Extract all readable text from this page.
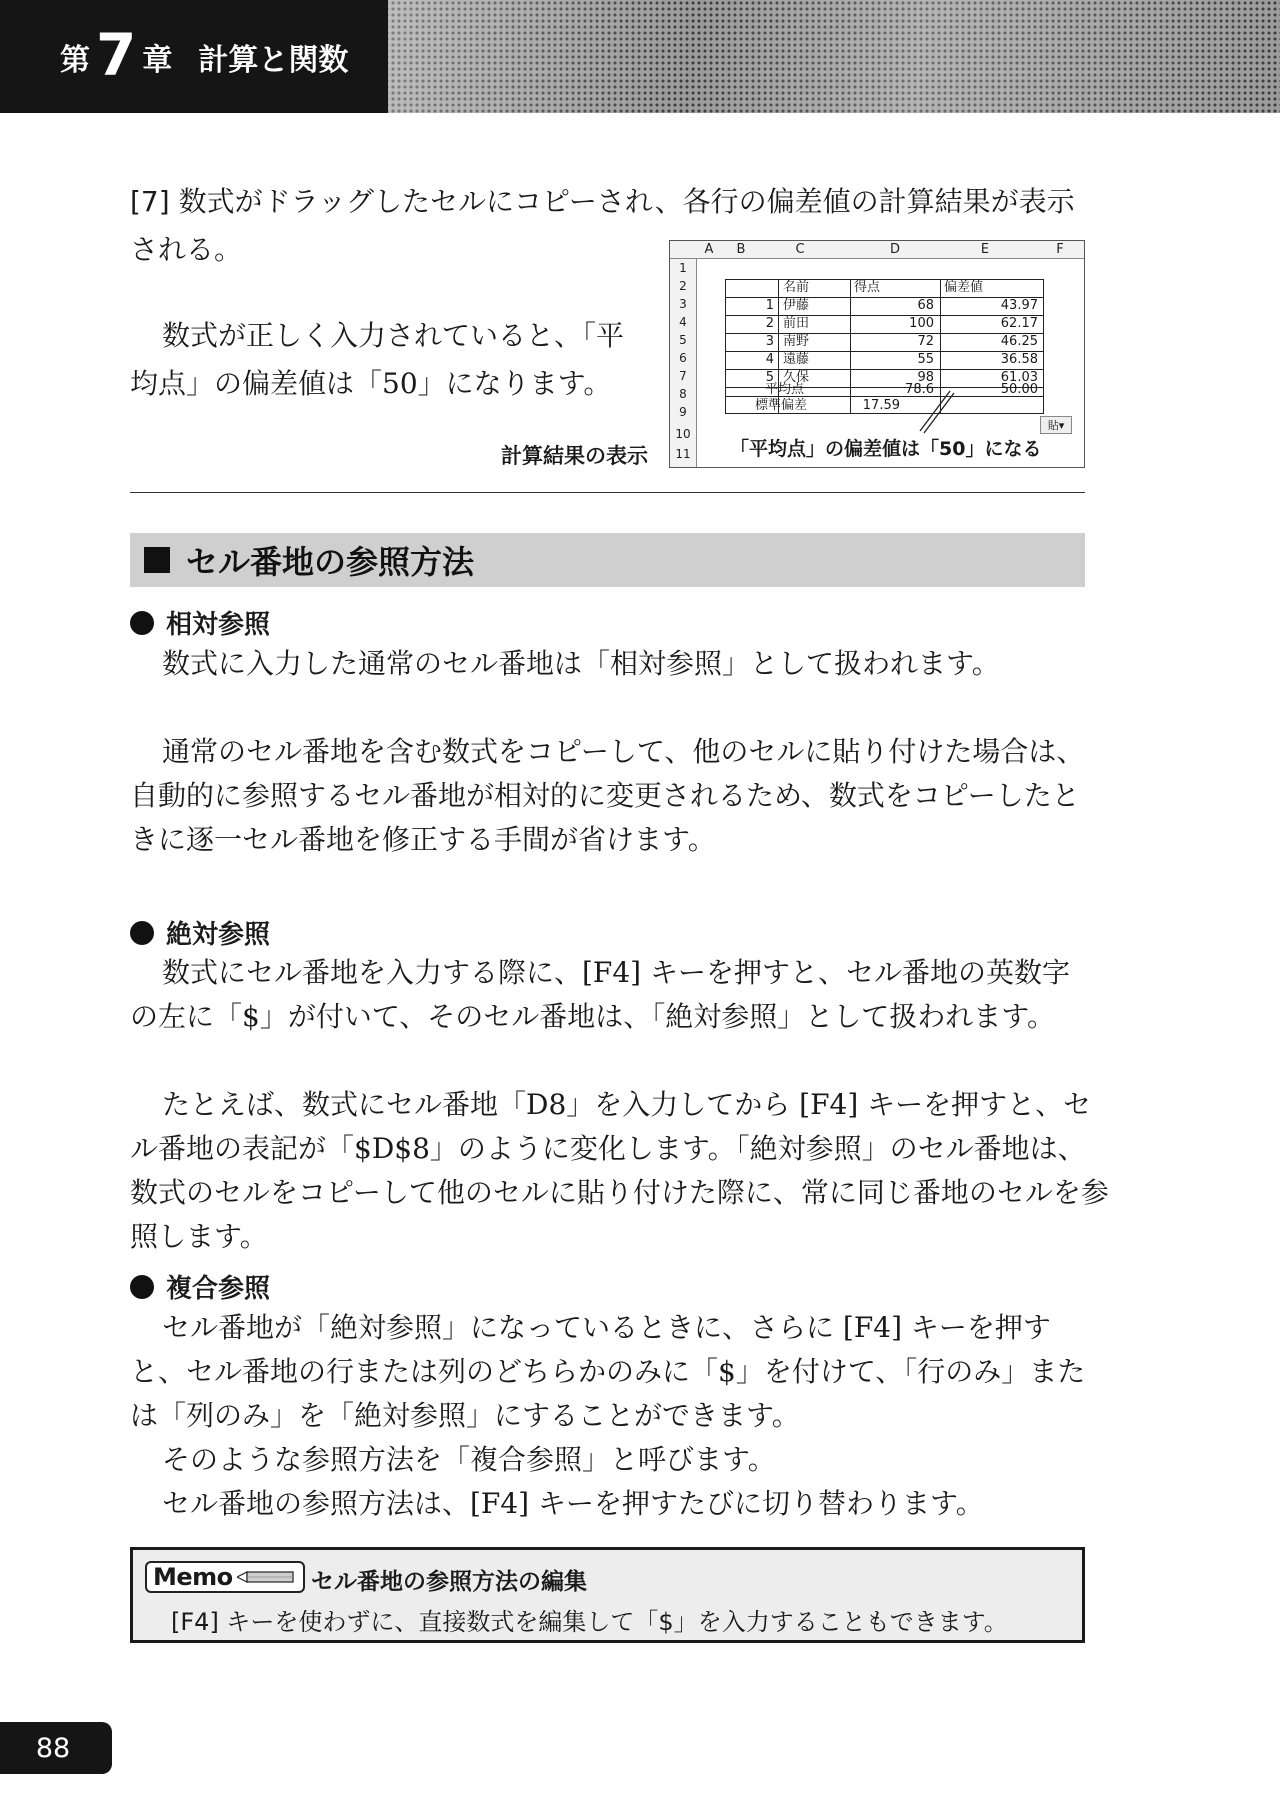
第 7 章 計算と関数
[7] 数式がドラッグしたセルにコピーされ、各行の偏差値の計算結果が表示される。
数式が正しく入力されていると、「平均点」の偏差値は「50」になります。
計算結果の表示
A	B	C	D	E	F
1
2
3
4
5
6
7
8
9
10
11
名前	得点	偏差値
1 伊藤	68	43.97
2 前田	100	62.17
3 南野	72	46.25
4 遠藤	55	36.58
5 久保	98	61.03
平均点	78.6	50.00
標準偏差	17.59
貼▾
「平均点」の偏差値は「50」になる
セル番地の参照方法
相対参照

数式に入力した通常のセル番地は「相対参照」として扱われます。

通常のセル番地を含む数式をコピーして、他のセルに貼り付けた場合は、自動的に参照するセル番地が相対的に変更されるため、数式をコピーしたときに逐一セル番地を修正する手間が省けます。

絶対参照

数式にセル番地を入力する際に、[F4] キーを押すと、セル番地の英数字の左に「$」が付いて、そのセル番地は、「絶対参照」として扱われます。

たとえば、数式にセル番地「D8」を入力してから [F4] キーを押すと、セル番地の表記が「$D$8」のように変化します。「絶対参照」のセル番地は、数式のセルをコピーして他のセルに貼り付けた際に、常に同じ番地のセルを参照します。

複合参照

セル番地が「絶対参照」になっているときに、さらに [F4] キーを押すと、セル番地の行または列のどちらかのみに「$」を付けて、「行のみ」または「列のみ」を「絶対参照」にすることができます。

そのような参照方法を「複合参照」と呼びます。

セル番地の参照方法は、[F4] キーを押すたびに切り替わります。

Memo	セル番地の参照方法の編集
[F4] キーを使わずに、直接数式を編集して「$」を入力することもできます。
88
